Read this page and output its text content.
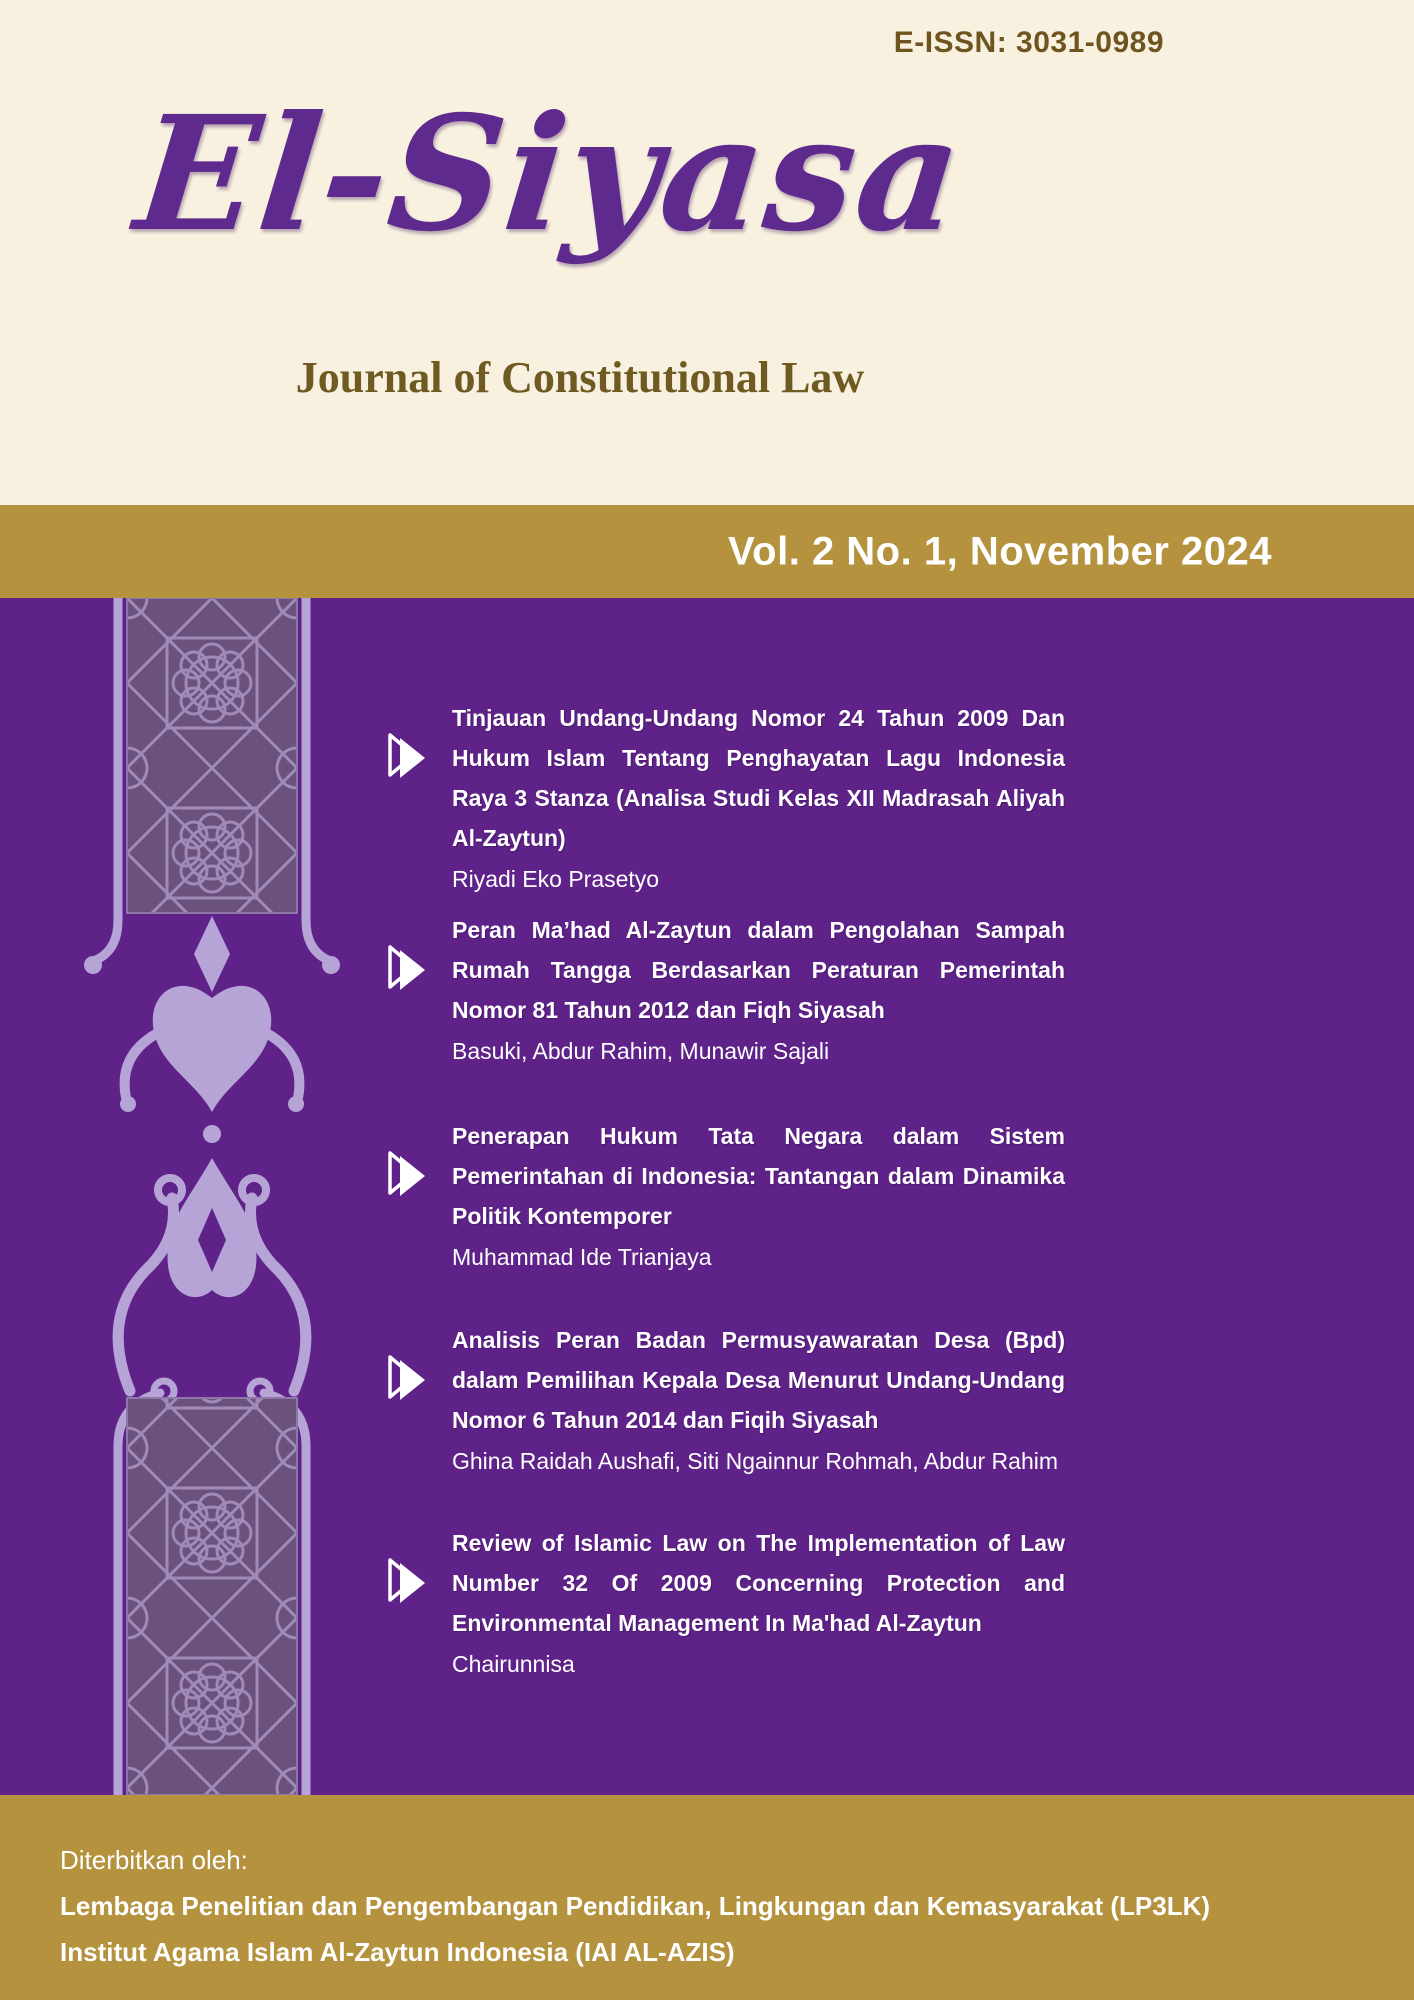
E-ISSN: 3031-0989
El-Siyasa
Journal of Constitutional Law
Vol. 2 No. 1, November 2024
Tinjauan Undang-Undang Nomor 24 Tahun 2009 Dan Hukum Islam Tentang Penghayatan Lagu Indonesia Raya 3 Stanza (Analisa Studi Kelas XII Madrasah Aliyah Al-Zaytun)
Riyadi Eko Prasetyo
Peran Ma’had Al-Zaytun dalam Pengolahan Sampah Rumah Tangga Berdasarkan Peraturan Pemerintah Nomor 81 Tahun 2012 dan Fiqh Siyasah
Basuki, Abdur Rahim, Munawir Sajali
Penerapan Hukum Tata Negara dalam Sistem Pemerintahan di Indonesia: Tantangan dalam Dinamika Politik Kontemporer
Muhammad Ide Trianjaya
Analisis Peran Badan Permusyawaratan Desa (Bpd) dalam Pemilihan Kepala Desa Menurut Undang-Undang Nomor 6 Tahun 2014 dan Fiqih Siyasah
Ghina Raidah Aushafi, Siti Ngainnur Rohmah, Abdur Rahim
Review of Islamic Law on The Implementation of Law Number 32 Of 2009 Concerning Protection and Environmental Management In Ma'had Al-Zaytun
Chairunnisa
Diterbitkan oleh:
Lembaga Penelitian dan Pengembangan Pendidikan, Lingkungan dan Kemasyarakat (LP3LK)
Institut Agama Islam Al-Zaytun Indonesia (IAI AL-AZIS)
